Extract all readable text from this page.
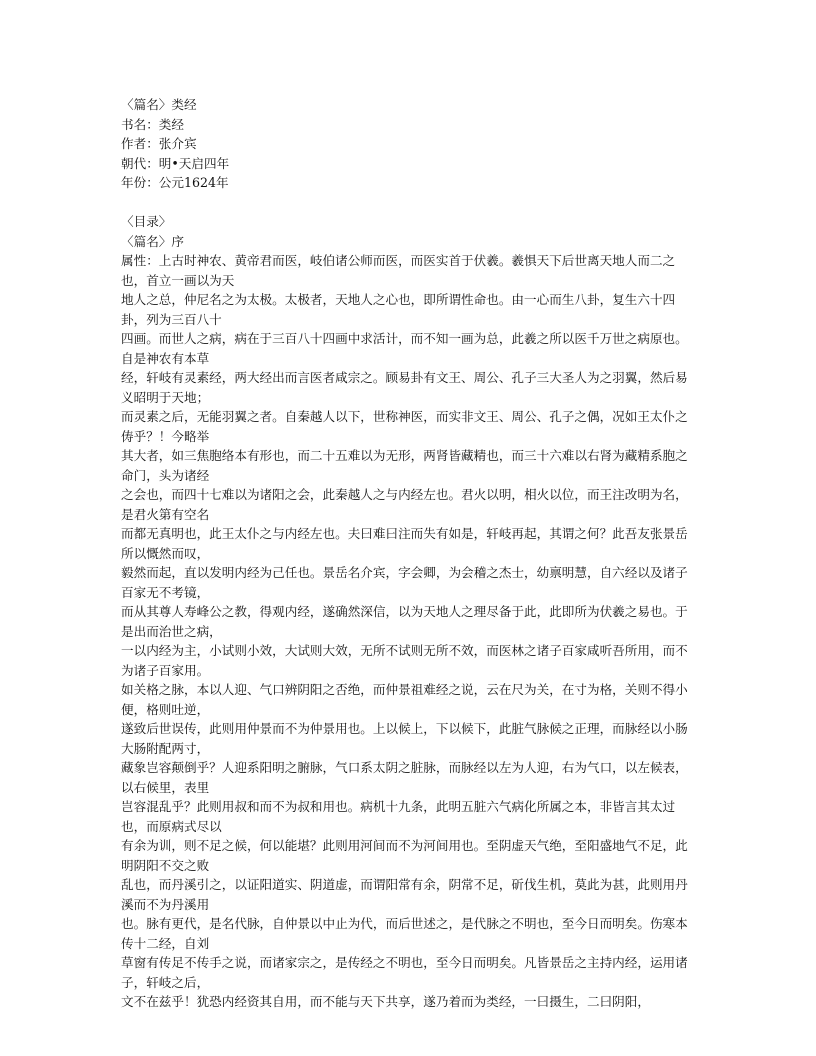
〈篇名〉类经

书名：类经

作者：张介宾

朝代：明•天启四年

年份：公元1624年

〈目录〉

〈篇名〉序

属性：上古时神农、黄帝君而医，岐伯诸公师而医，而医实首于伏羲。羲惧天下后世离天地人而二之也，首立一画以为天

地人之总，仲尼名之为太极。太极者，天地人之心也，即所谓性命也。由一心而生八卦，复生六十四卦，列为三百八十

四画。而世人之病，病在于三百八十四画中求活计，而不知一画为总，此羲之所以医千万世之病原也。自是神农有本草

经，轩岐有灵素经，两大经出而言医者咸宗之。顾易卦有文王、周公、孔子三大圣人为之羽翼，然后易义昭明于天地；

而灵素之后，无能羽翼之者。自秦越人以下，世称神医，而实非文王、周公、孔子之偶，况如王太仆之俦乎？！今略举

其大者，如三焦胞络本有形也，而二十五难以为无形，两肾皆藏精也，而三十六难以右肾为藏精系胞之命门，头为诸经

之会也，而四十七难以为诸阳之会，此秦越人之与内经左也。君火以明，相火以位，而王注改明为名，是君火第有空名

而都无真明也，此王太仆之与内经左也。夫曰难曰注而失有如是，轩岐再起，其谓之何？此吾友张景岳所以慨然而叹，

毅然而起，直以发明内经为己任也。景岳名介宾，字会卿，为会稽之杰士，幼禀明慧，自六经以及诸子百家无不考镜，

而从其尊人寿峰公之教，得观内经，遂确然深信，以为天地人之理尽备于此，此即所为伏羲之易也。于是出而治世之病，

一以内经为主，小试则小效，大试则大效，无所不试则无所不效，而医林之诸子百家咸听吾所用，而不为诸子百家用。

如关格之脉，本以人迎、气口辨阴阳之否绝，而仲景祖难经之说，云在尺为关，在寸为格，关则不得小便，格则吐逆，

遂致后世误传，此则用仲景而不为仲景用也。上以候上，下以候下，此脏气脉候之正理，而脉经以小肠大肠附配两寸，

藏象岂容颠倒乎？人迎系阳明之腑脉，气口系太阴之脏脉，而脉经以左为人迎，右为气口，以左候表，以右候里，表里

岂容混乱乎？此则用叔和而不为叔和用也。病机十九条，此明五脏六气病化所属之本，非皆言其太过也，而原病式尽以

有余为训，则不足之候，何以能堪？此则用河间而不为河间用也。至阴虚天气绝，至阳盛地气不足，此明阴阳不交之败

乱也，而丹溪引之，以证阳道实、阴道虚，而谓阳常有余，阴常不足，斫伐生机，莫此为甚，此则用丹溪而不为丹溪用

也。脉有更代，是名代脉，自仲景以中止为代，而后世述之，是代脉之不明也，至今日而明矣。伤寒本传十二经，自刘

草窗有传足不传手之说，而诸家宗之，是传经之不明也，至今日而明矣。凡皆景岳之主持内经，运用诸子，轩岐之后，

文不在兹乎！犹恐内经资其自用，而不能与天下共享，遂乃着而为类经，一曰摄生，二曰阴阳，
